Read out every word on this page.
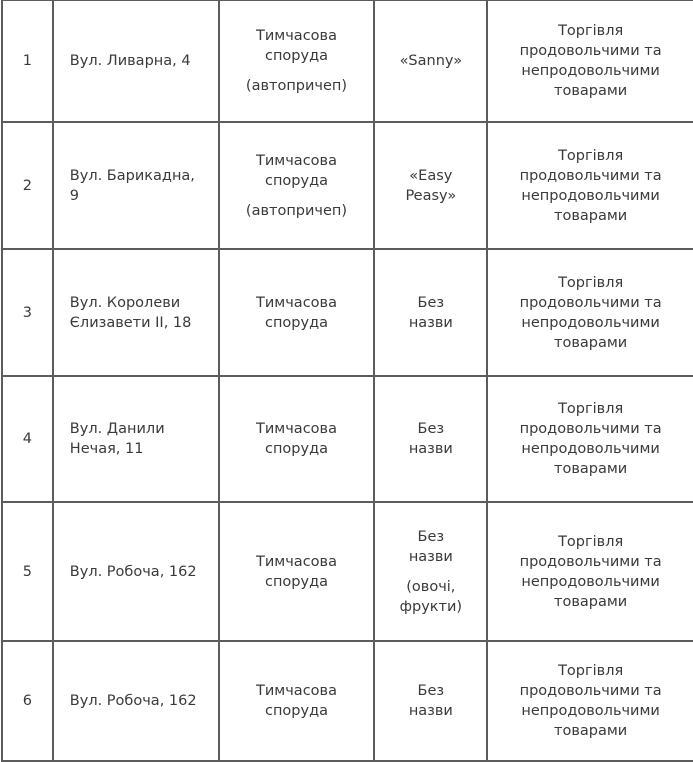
1	Вул. Ливарна, 4	Тимчасова
споруда
(автопричеп)	«Sanny»	Торгівля
продовольчими та
непродовольчими
товарами

2	Вул. Барикадна, 9	Тимчасова
споруда
(автопричеп)	«Easy
Peasy»	Торгівля
продовольчими та
непродовольчими
товарами

3	Вул. Королеви Єлизавети ІІ, 18	Тимчасова
споруда	Без
назви	Торгівля
продовольчими та
непродовольчими
товарами

4	Вул. Данили Нечая, 11	Тимчасова
споруда	Без
назви	Торгівля
продовольчими та
непродовольчими
товарами

5	Вул. Робоча, 162	Тимчасова
споруда	Без
назви
(овочі,
фрукти)	Торгівля
продовольчими та
непродовольчими
товарами

6	Вул. Робоча, 162	Тимчасова
споруда	Без
назви	Торгівля
продовольчими та
непродовольчими
товарами
